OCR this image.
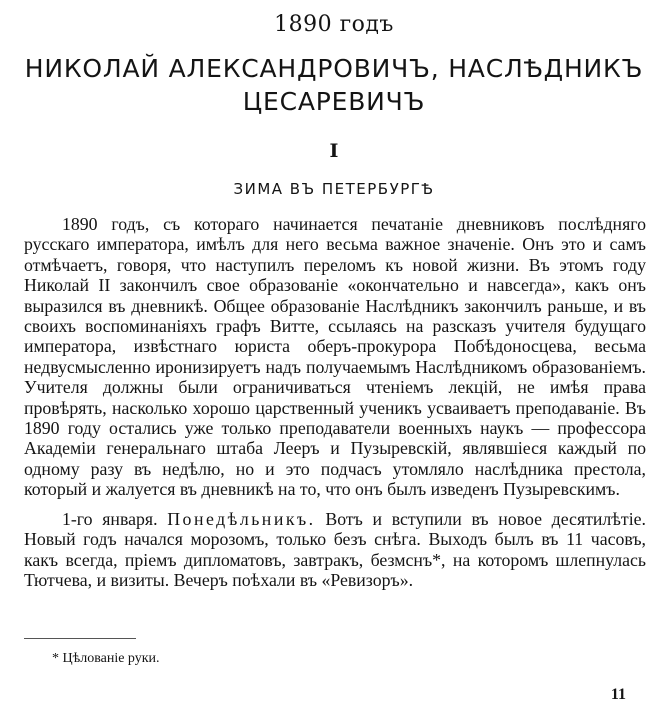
1890 годъ
НИКОЛАЙ АЛЕКСАНДРОВИЧЪ, НАСЛѢДНИКЪ
ЦЕСАРЕВИЧЪ
I
ЗИМА ВЪ ПЕТЕРБУРГѢ

1890 годъ, съ котораго начинается печатаніе дневниковъ послѣдняго русскаго императора, имѣлъ для него весьма важное значеніе. Онъ это и самъ отмѣчаетъ, говоря, что наступилъ переломъ къ новой жизни. Въ этомъ году Николай II закончилъ свое образованіе «окончательно и навсегда», какъ онъ выразился въ дневникѣ. Общее образованіе Наслѣдникъ закончилъ раньше, и въ своихъ воспоминаніяхъ графъ Витте, ссылаясь на разсказъ учителя будущаго императора, извѣстнаго юриста оберъ-прокурора Побѣдоносцева, весьма недвусмысленно иронизируетъ надъ получаемымъ Наслѣдникомъ образованіемъ. Учителя должны были ограничиваться чтеніемъ лекцій, не имѣя права провѣрять, насколько хорошо царственный ученикъ усваиваетъ преподаваніе. Въ 1890 году остались уже только преподаватели военныхъ наукъ — профессора Академіи генеральнаго штаба Лееръ и Пузыревскій, являвшіеся каждый по одному разу въ недѣлю, но и это подчасъ утомляло наслѣдника престола, который и жалуется въ дневникѣ на то, что онъ былъ изведенъ Пузыревскимъ.

1-го января. Понедѣльникъ. Вотъ и вступили въ новое десятилѣтіе. Новый годъ начался морозомъ, только безъ снѣга. Выходъ былъ въ 11 часовъ, какъ всегда, пріемъ дипломатовъ, завтракъ, безмснъ*, на которомъ шлепнулась Тютчева, и визиты. Вечеръ поѣхали въ «Ревизоръ».

* Цѣлованіе руки.
11
